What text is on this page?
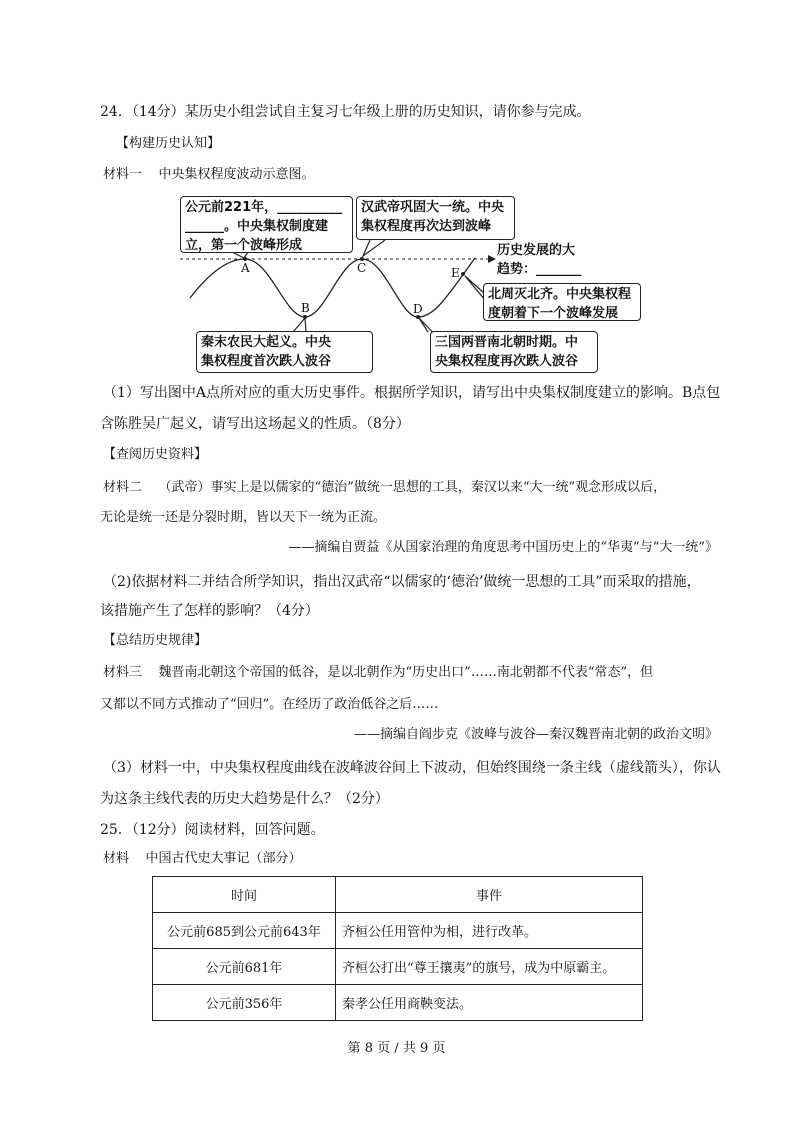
24．（14分）某历史小组尝试自主复习七年级上册的历史知识，请你参与完成。
【构建历史认知】
材料一    中央集权程度波动示意图。
公元前221年，__________
______。中央集权制度建
立，第一个波峰形成
汉武帝巩固大一统。中央
集权程度再次达到波峰
秦末农民大起义。中央
集权程度首次跌人波谷
三国两晋南北朝时期。中
央集权程度再次跌人波谷
北周灭北齐。中央集权程
度朝着下一个波峰发展
历史发展的大
趋势：_______
A
B
C
D
E
（1）写出图中A点所对应的重大历史事件。根据所学知识，请写出中央集权制度建立的影响。B点包
含陈胜吴广起义，请写出这场起义的性质。（8分）
【查阅历史资料】
材料二    （武帝）事实上是以儒家的“德治”做统一思想的工具，秦汉以来“大一统”观念形成以后，
无论是统一还是分裂时期，皆以天下一统为正流。
——摘编自贾益《从国家治理的角度思考中国历史上的“华夷”与“大一统”》
（2)依据材料二并结合所学知识，指出汉武帝“以儒家的‘德治’做统一思想的工具”而采取的措施，
该措施产生了怎样的影响？（4分）
【总结历史规律】
材料三    魏晋南北朝这个帝国的低谷，是以北朝作为“历史出口”……南北朝都不代表“常态”，但
又都以不同方式推动了“回归”。在经历了政治低谷之后……
——摘编自阎步克《波峰与波谷—秦汉魏晋南北朝的政治文明》
（3）材料一中，中央集权程度曲线在波峰波谷间上下波动，但始终围绕一条主线（虚线箭头），你认
为这条主线代表的历史大趋势是什么？（2分）
25．（12分）阅读材料，回答问题。
材料    中国古代史大事记（部分）
时间	事件
公元前685到公元前643年	齐桓公任用管仲为相，进行改革。
公元前681年	齐桓公打出“尊王攘夷”的旗号，成为中原霸主。
公元前356年	秦孝公任用商鞅变法。
第 8 页 / 共 9 页
